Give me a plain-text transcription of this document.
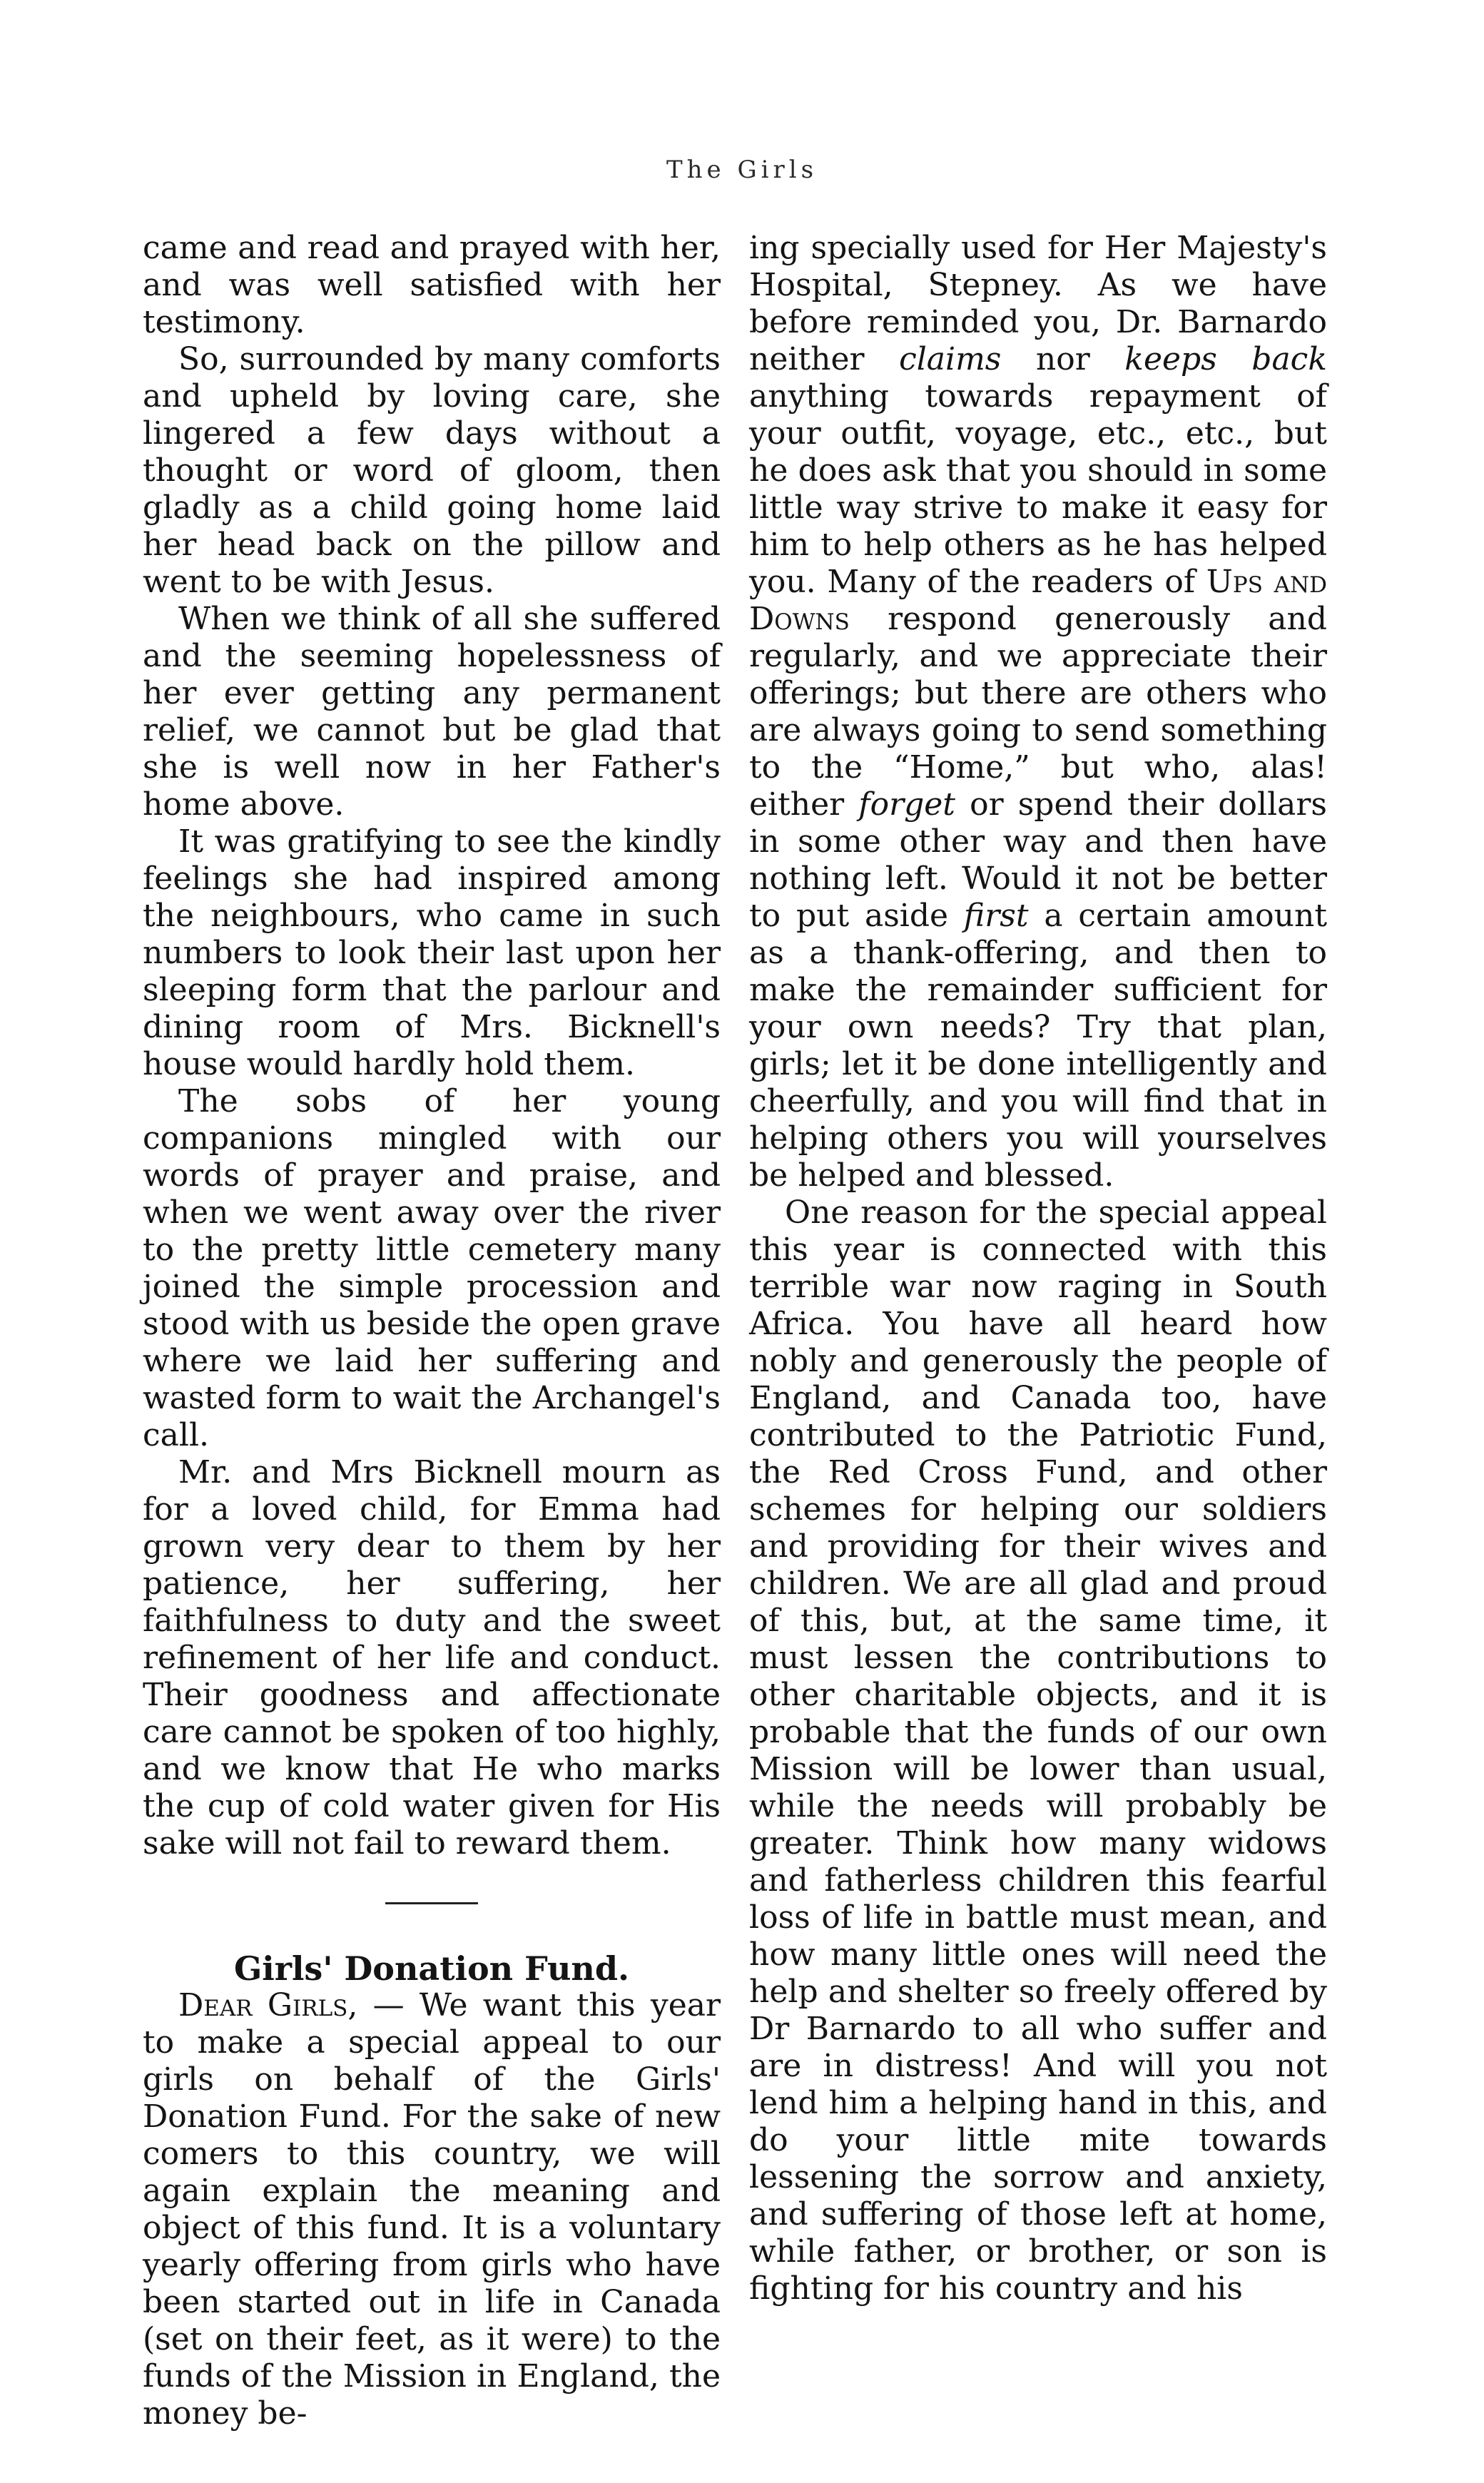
The Girls

came and read and prayed with her, and was well satisfied with her testimony.

So, surrounded by many comforts and upheld by loving care, she lingered a few days without a thought or word of gloom, then gladly as a child going home laid her head back on the pillow and went to be with Jesus.

When we think of all she suffered and the seeming hopelessness of her ever getting any permanent relief, we cannot but be glad that she is well now in her Father's home above.

It was gratifying to see the kindly feelings she had inspired among the neighbours, who came in such numbers to look their last upon her sleeping form that the parlour and dining room of Mrs. Bicknell's house would hardly hold them.

The sobs of her young companions mingled with our words of prayer and praise, and when we went away over the river to the pretty little cemetery many joined the simple procession and stood with us beside the open grave where we laid her suffering and wasted form to wait the Archangel's call.

Mr. and Mrs Bicknell mourn as for a loved child, for Emma had grown very dear to them by her patience, her suffering, her faithfulness to duty and the sweet refinement of her life and conduct. Their goodness and affectionate care cannot be spoken of too highly, and we know that He who marks the cup of cold water given for His sake will not fail to reward them.

Girls' Donation Fund.

Dear Girls, — We want this year to make a special appeal to our girls on behalf of the Girls' Donation Fund. For the sake of new comers to this country, we will again explain the meaning and object of this fund. It is a voluntary yearly offering from girls who have been started out in life in Canada (set on their feet, as it were) to the funds of the Mission in England, the money be-

ing specially used for Her Majesty's Hospital, Stepney. As we have before reminded you, Dr. Barnardo neither claims nor keeps back anything towards repayment of your outfit, voyage, etc., etc., but he does ask that you should in some little way strive to make it easy for him to help others as he has helped you. Many of the readers of Ups and Downs respond generously and regularly, and we appreciate their offerings; but there are others who are always going to send something to the “Home,” but who, alas! either forget or spend their dollars in some other way and then have nothing left. Would it not be better to put aside first a certain amount as a thank-offering, and then to make the remainder sufficient for your own needs? Try that plan, girls; let it be done intelligently and cheerfully, and you will find that in helping others you will yourselves be helped and blessed.

One reason for the special appeal this year is connected with this terrible war now raging in South Africa. You have all heard how nobly and generously the people of England, and Canada too, have contributed to the Patriotic Fund, the Red Cross Fund, and other schemes for helping our soldiers and providing for their wives and children. We are all glad and proud of this, but, at the same time, it must lessen the contributions to other charitable objects, and it is probable that the funds of our own Mission will be lower than usual, while the needs will probably be greater. Think how many widows and fatherless children this fearful loss of life in battle must mean, and how many little ones will need the help and shelter so freely offered by Dr Barnardo to all who suffer and are in distress! And will you not lend him a helping hand in this, and do your little mite towards lessening the sorrow and anxiety, and suffering of those left at home, while father, or brother, or son is fighting for his country and his
